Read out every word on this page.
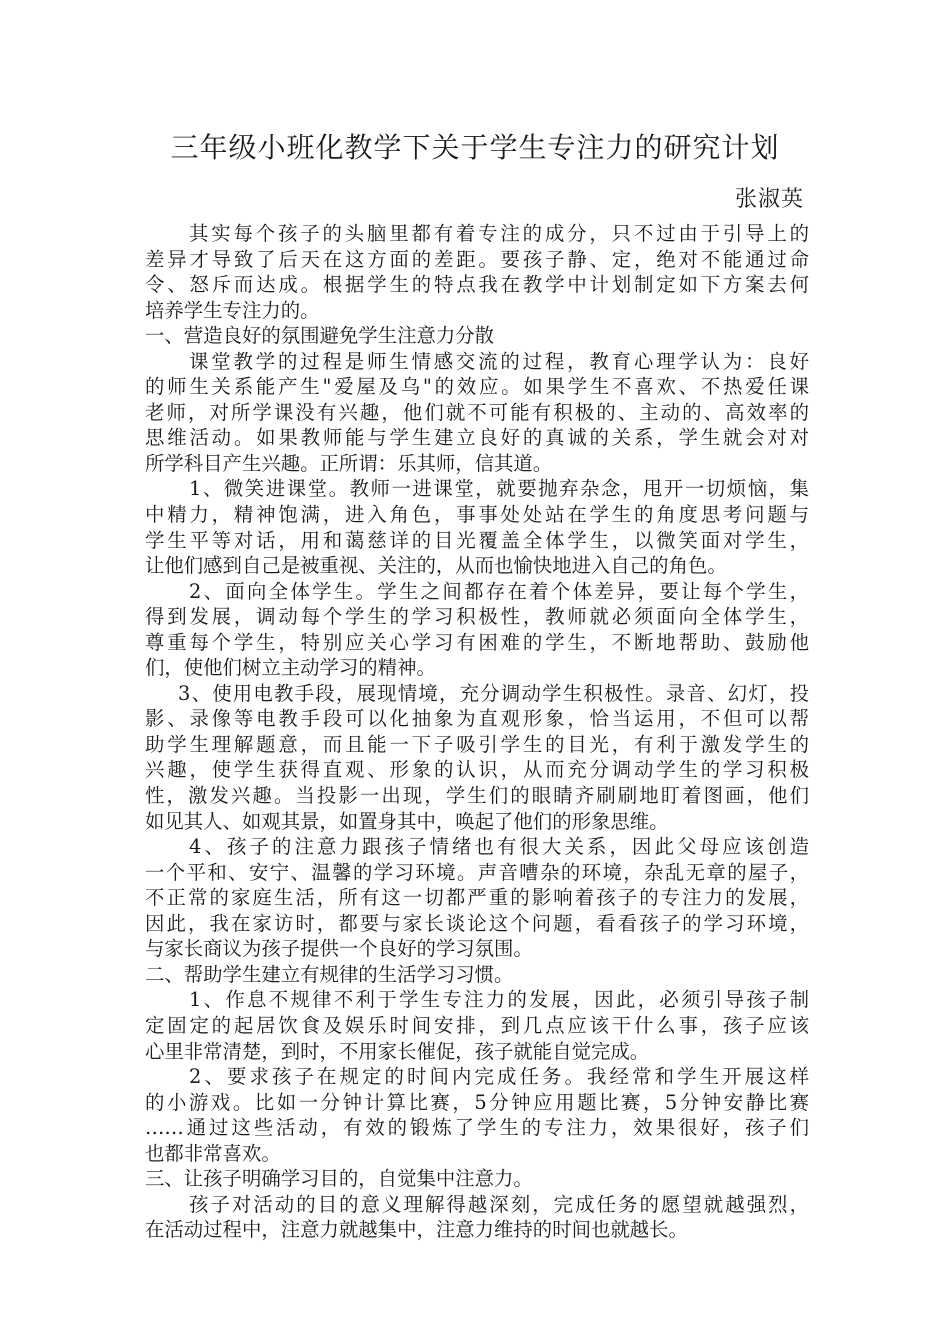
三年级小班化教学下关于学生专注力的研究计划
张淑英
其实每个孩子的头脑里都有着专注的成分，只不过由于引导上的
差异才导致了后天在这方面的差距。要孩子静、定，绝对不能通过命
令、怒斥而达成。根据学生的特点我在教学中计划制定如下方案去何
培养学生专注力的。
一、营造良好的氛围避免学生注意力分散
课堂教学的过程是师生情感交流的过程，教育心理学认为：良好
的师生关系能产生"爱屋及乌"的效应。如果学生不喜欢、不热爱任课
老师，对所学课没有兴趣，他们就不可能有积极的、主动的、高效率的
思维活动。如果教师能与学生建立良好的真诚的关系，学生就会对对
所学科目产生兴趣。正所谓：乐其师，信其道。
1、微笑进课堂。教师一进课堂，就要抛弃杂念，甩开一切烦恼，集
中精力，精神饱满，进入角色，事事处处站在学生的角度思考问题与
学生平等对话，用和蔼慈详的目光覆盖全体学生，以微笑面对学生，
让他们感到自己是被重视、关注的，从而也愉快地进入自己的角色。
2、面向全体学生。学生之间都存在着个体差异，要让每个学生，
得到发展，调动每个学生的学习积极性，教师就必须面向全体学生，
尊重每个学生，特别应关心学习有困难的学生，不断地帮助、鼓励他
们，使他们树立主动学习的精神。
3、使用电教手段，展现情境，充分调动学生积极性。录音、幻灯，投
影、录像等电教手段可以化抽象为直观形象，恰当运用，不但可以帮
助学生理解题意，而且能一下子吸引学生的目光，有利于激发学生的
兴趣，使学生获得直观、形象的认识，从而充分调动学生的学习积极
性，激发兴趣。当投影一出现，学生们的眼睛齐刷刷地盯着图画，他们
如见其人、如观其景，如置身其中，唤起了他们的形象思维。
4、孩子的注意力跟孩子情绪也有很大关系，因此父母应该创造
一个平和、安宁、温馨的学习环境。声音嘈杂的环境，杂乱无章的屋子，
不正常的家庭生活，所有这一切都严重的影响着孩子的专注力的发展，
因此，我在家访时，都要与家长谈论这个问题，看看孩子的学习环境，
与家长商议为孩子提供一个良好的学习氛围。
二、帮助学生建立有规律的生活学习习惯。
1、作息不规律不利于学生专注力的发展，因此，必须引导孩子制
定固定的起居饮食及娱乐时间安排，到几点应该干什么事，孩子应该
心里非常清楚，到时，不用家长催促，孩子就能自觉完成。
2、要求孩子在规定的时间内完成任务。我经常和学生开展这样
的小游戏。比如一分钟计算比赛，5分钟应用题比赛，5分钟安静比赛
……通过这些活动，有效的锻炼了学生的专注力，效果很好，孩子们
也都非常喜欢。
三、让孩子明确学习目的，自觉集中注意力。
孩子对活动的目的意义理解得越深刻，完成任务的愿望就越强烈，
在活动过程中，注意力就越集中，注意力维持的时间也就越长。
